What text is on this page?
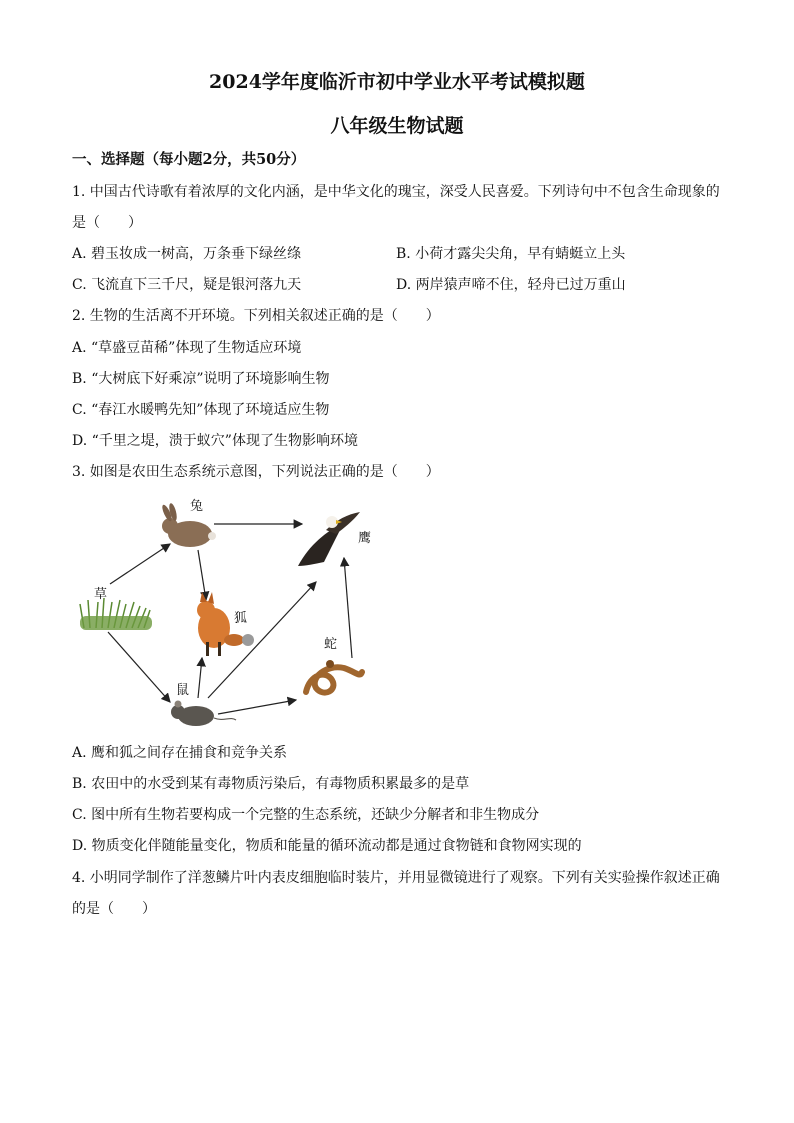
2024学年度临沂市初中学业水平考试模拟题
八年级生物试题
一、选择题（每小题2分，共50分）
1. 中国古代诗歌有着浓厚的文化内涵，是中华文化的瑰宝，深受人民喜爱。下列诗句中不包含生命现象的
是（　　）
A. 碧玉妆成一树高，万条垂下绿丝绦	B. 小荷才露尖尖角，早有蜻蜓立上头
C. 飞流直下三千尺，疑是银河落九天	D. 两岸猿声啼不住，轻舟已过万重山
2. 生物的生活离不开环境。下列相关叙述正确的是（　　）
A. “草盛豆苗稀”体现了生物适应环境
B. “大树底下好乘凉”说明了环境影响生物
C. “春江水暖鸭先知”体现了环境适应生物
D. “千里之堤，溃于蚁穴”体现了生物影响环境
3. 如图是农田生态系统示意图，下列说法正确的是（　　）
兔
鹰
草
狐
蛇
鼠
A. 鹰和狐之间存在捕食和竞争关系
B. 农田中的水受到某有毒物质污染后，有毒物质积累最多的是草
C. 图中所有生物若要构成一个完整的生态系统，还缺少分解者和非生物成分
D. 物质变化伴随能量变化，物质和能量的循环流动都是通过食物链和食物网实现的
4. 小明同学制作了洋葱鳞片叶内表皮细胞临时装片，并用显微镜进行了观察。下列有关实验操作叙述正确
的是（　　）
